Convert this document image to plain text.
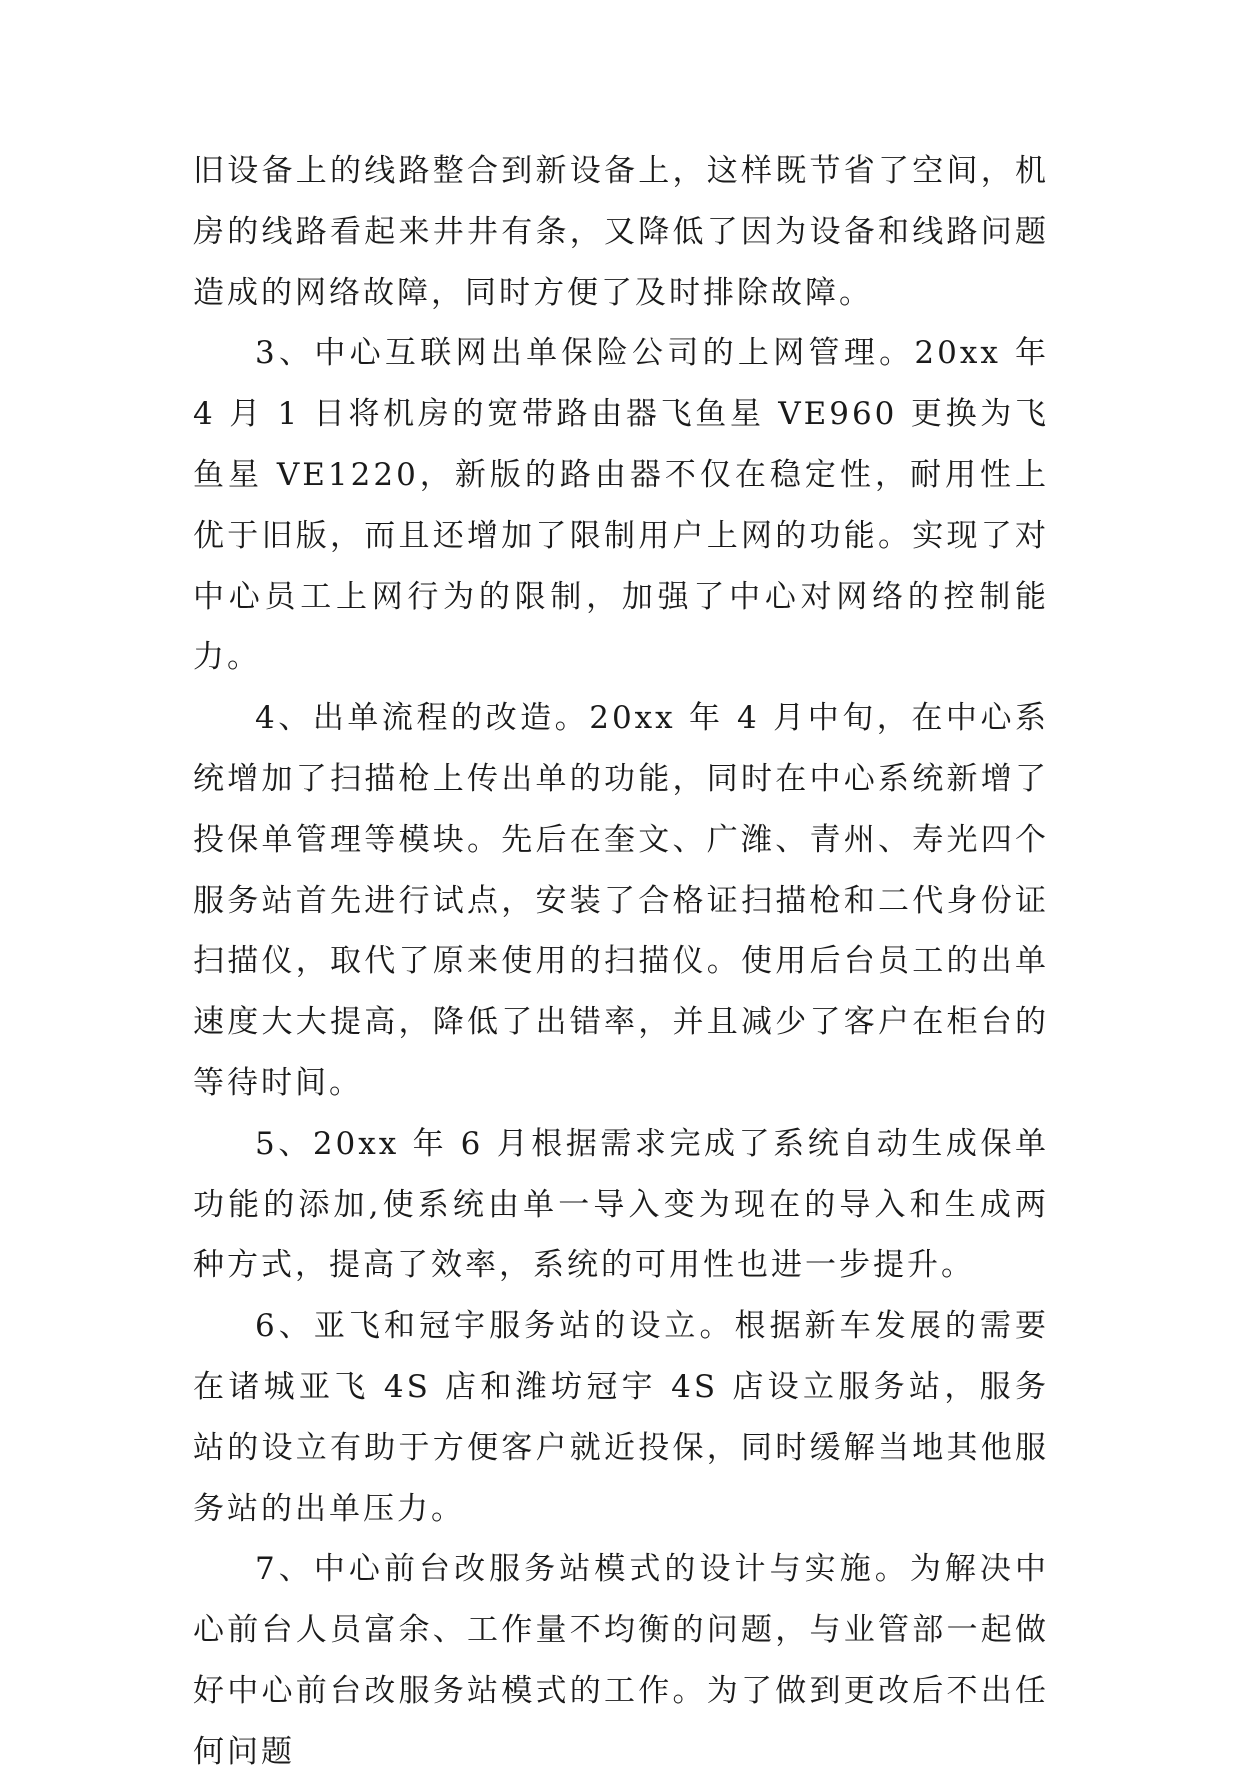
旧设备上的线路整合到新设备上，这样既节省了空间，机房的线路看起来井井有条，又降低了因为设备和线路问题造成的网络故障，同时方便了及时排除故障。

3、中心互联网出单保险公司的上网管理。20xx 年 4 月 1 日将机房的宽带路由器飞鱼星 VE960 更换为飞鱼星 VE1220，新版的路由器不仅在稳定性，耐用性上优于旧版，而且还增加了限制用户上网的功能。实现了对中心员工上网行为的限制，加强了中心对网络的控制能力。

4、出单流程的改造。20xx 年 4 月中旬，在中心系统增加了扫描枪上传出单的功能，同时在中心系统新增了投保单管理等模块。先后在奎文、广潍、青州、寿光四个服务站首先进行试点，安装了合格证扫描枪和二代身份证扫描仪，取代了原来使用的扫描仪。使用后台员工的出单速度大大提高，降低了出错率，并且减少了客户在柜台的等待时间。

5、20xx 年 6 月根据需求完成了系统自动生成保单功能的添加,使系统由单一导入变为现在的导入和生成两种方式，提高了效率，系统的可用性也进一步提升。

6、亚飞和冠宇服务站的设立。根据新车发展的需要在诸城亚飞 4S 店和潍坊冠宇 4S 店设立服务站，服务站的设立有助于方便客户就近投保，同时缓解当地其他服务站的出单压力。

7、中心前台改服务站模式的设计与实施。为解决中心前台人员富余、工作量不均衡的问题，与业管部一起做好中心前台改服务站模式的工作。为了做到更改后不出任何问题
